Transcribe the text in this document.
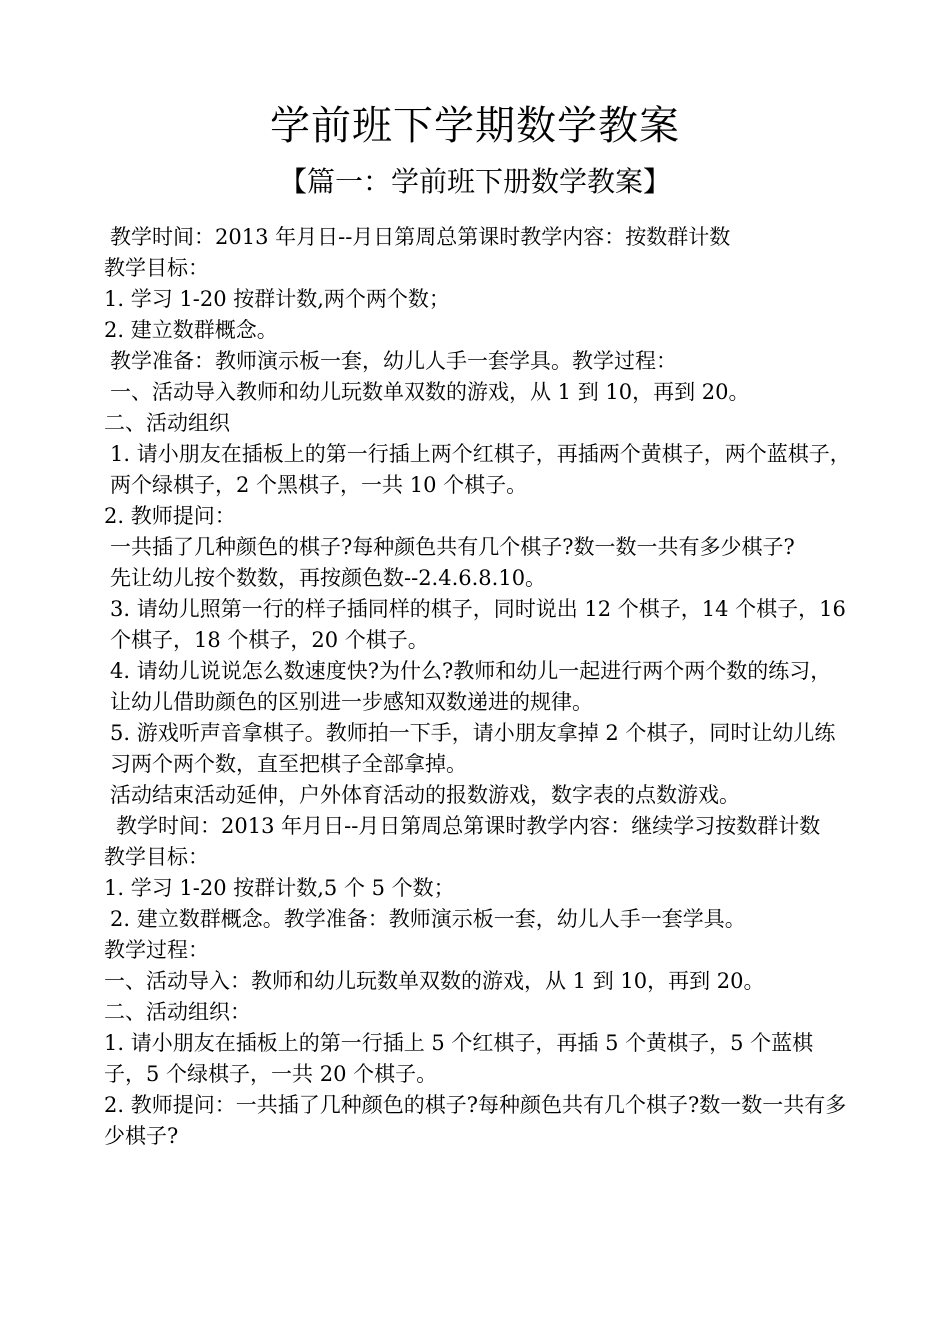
学前班下学期数学教案
【篇一：学前班下册数学教案】

教学时间：2013 年月日--月日第周总第课时教学内容：按数群计数

教学目标：

1. 学习 1-20 按群计数,两个两个数；

2. 建立数群概念。

教学准备：教师演示板一套，幼儿人手一套学具。教学过程：

一、活动导入教师和幼儿玩数单双数的游戏，从 1 到 10，再到 20。

二、活动组织

1. 请小朋友在插板上的第一行插上两个红棋子，再插两个黄棋子，两个蓝棋子，两个绿棋子，2 个黑棋子，一共 10 个棋子。

2. 教师提问：

一共插了几种颜色的棋子?每种颜色共有几个棋子?数一数一共有多少棋子?

先让幼儿按个数数，再按颜色数--2.4.6.8.10。

3. 请幼儿照第一行的样子插同样的棋子，同时说出 12 个棋子，14 个棋子，16 个棋子，18 个棋子，20 个棋子。

4. 请幼儿说说怎么数速度快?为什么?教师和幼儿一起进行两个两个数的练习，让幼儿借助颜色的区别进一步感知双数递进的规律。

5. 游戏听声音拿棋子。教师拍一下手，请小朋友拿掉 2 个棋子，同时让幼儿练习两个两个数，直至把棋子全部拿掉。

活动结束活动延伸，户外体育活动的报数游戏，数字表的点数游戏。

教学时间：2013 年月日--月日第周总第课时教学内容：继续学习按数群计数

教学目标：

1. 学习 1-20 按群计数,5 个 5 个数；

2. 建立数群概念。教学准备：教师演示板一套，幼儿人手一套学具。

教学过程：

一、活动导入：教师和幼儿玩数单双数的游戏，从 1 到 10，再到 20。

二、活动组织：

1. 请小朋友在插板上的第一行插上 5 个红棋子，再插 5 个黄棋子，5 个蓝棋子，5 个绿棋子，一共 20 个棋子。

2. 教师提问：一共插了几种颜色的棋子?每种颜色共有几个棋子?数一数一共有多少棋子?
